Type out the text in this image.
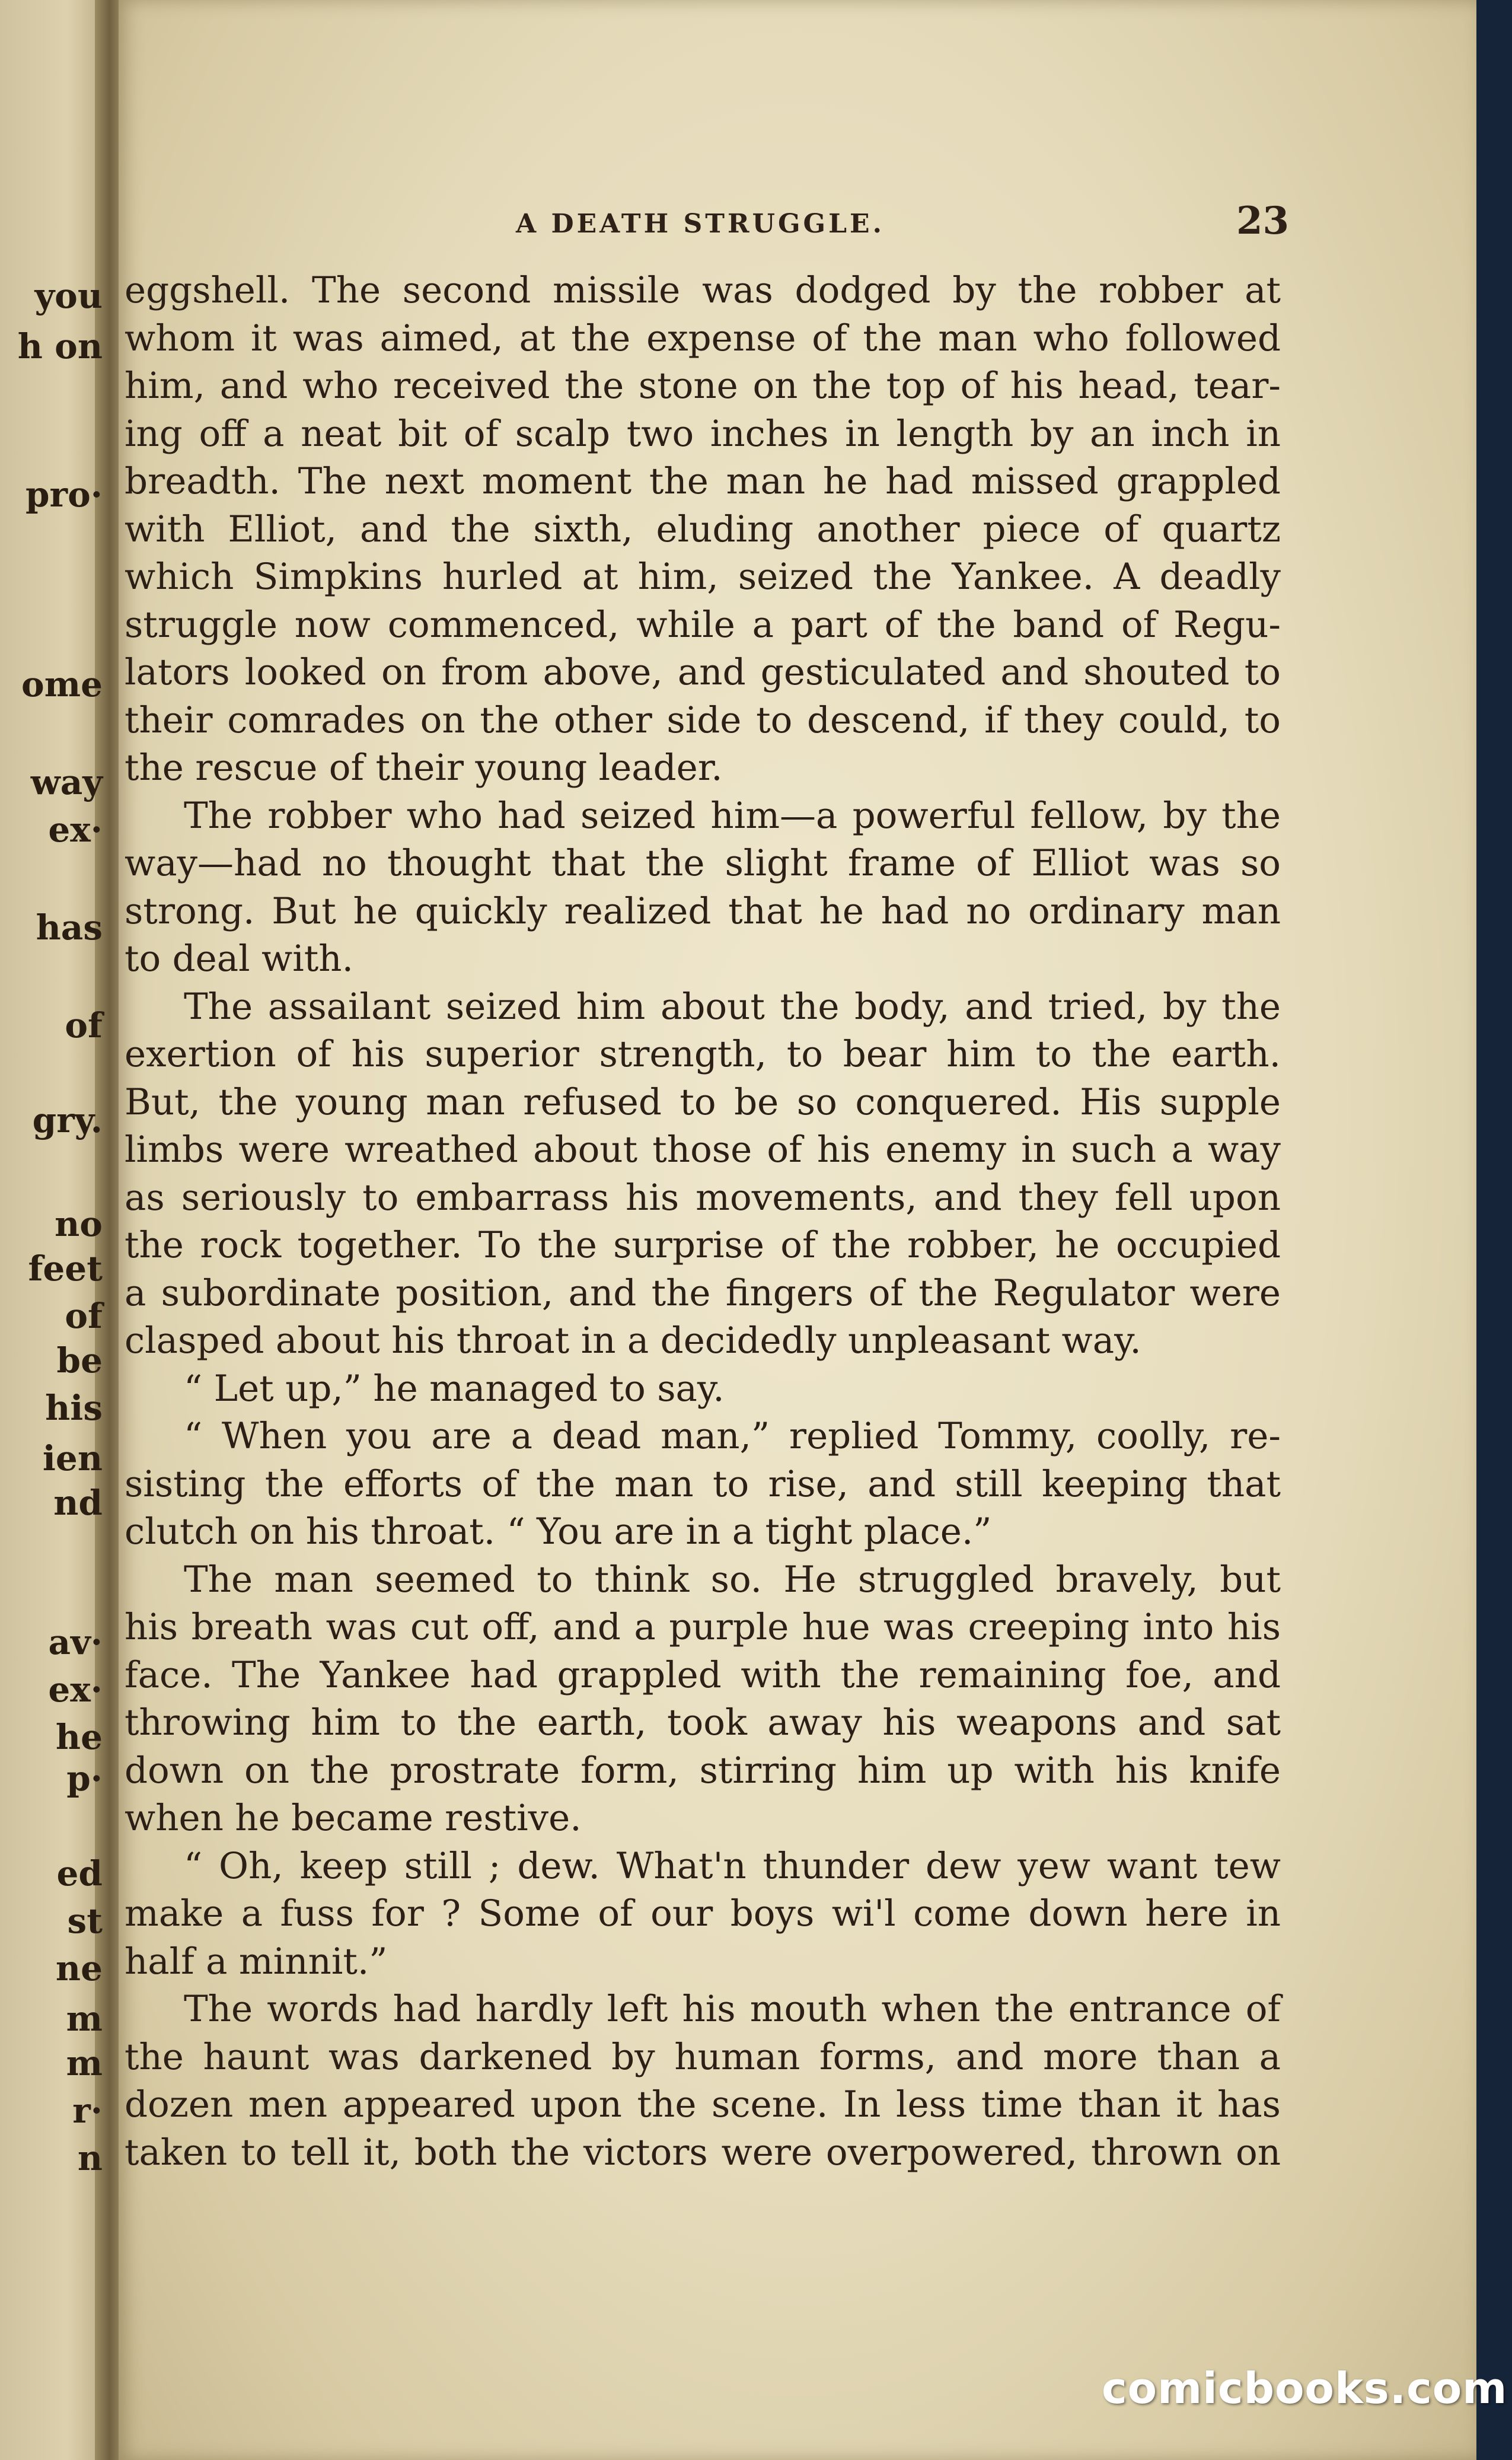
you
h on
pro·
ome
way
ex·
has
of
gry.
no
feet
of
be
his
ien
nd
av·
ex·
he
p·
ed
st
ne
m
m
r·
n
A DEATH STRUGGLE.	23
eggshell. The second missile was dodged by the robber at
whom it was aimed, at the expense of the man who followed
him, and who received the stone on the top of his head, tear-
ing off a neat bit of scalp two inches in length by an inch in
breadth. The next moment the man he had missed grappled
with Elliot, and the sixth, eluding another piece of quartz
which Simpkins hurled at him, seized the Yankee. A deadly
struggle now commenced, while a part of the band of Regu-
lators looked on from above, and gesticulated and shouted to
their comrades on the other side to descend, if they could, to
the rescue of their young leader.
The robber who had seized him—a powerful fellow, by the
way—had no thought that the slight frame of Elliot was so
strong. But he quickly realized that he had no ordinary man
to deal with.
The assailant seized him about the body, and tried, by the
exertion of his superior strength, to bear him to the earth.
But, the young man refused to be so conquered. His supple
limbs were wreathed about those of his enemy in such a way
as seriously to embarrass his movements, and they fell upon
the rock together. To the surprise of the robber, he occupied
a subordinate position, and the fingers of the Regulator were
clasped about his throat in a decidedly unpleasant way.
“ Let up,” he managed to say.
“ When you are a dead man,” replied Tommy, coolly, re-
sisting the efforts of the man to rise, and still keeping that
clutch on his throat. “ You are in a tight place.”
The man seemed to think so. He struggled bravely, but
his breath was cut off, and a purple hue was creeping into his
face. The Yankee had grappled with the remaining foe, and
throwing him to the earth, took away his weapons and sat
down on the prostrate form, stirring him up with his knife
when he became restive.
“ Oh, keep still ; dew. What'n thunder dew yew want tew
make a fuss for ? Some of our boys wi'l come down here in
half a minnit.”
The words had hardly left his mouth when the entrance of
the haunt was darkened by human forms, and more than a
dozen men appeared upon the scene. In less time than it has
taken to tell it, both the victors were overpowered, thrown on
comicbooks.com
